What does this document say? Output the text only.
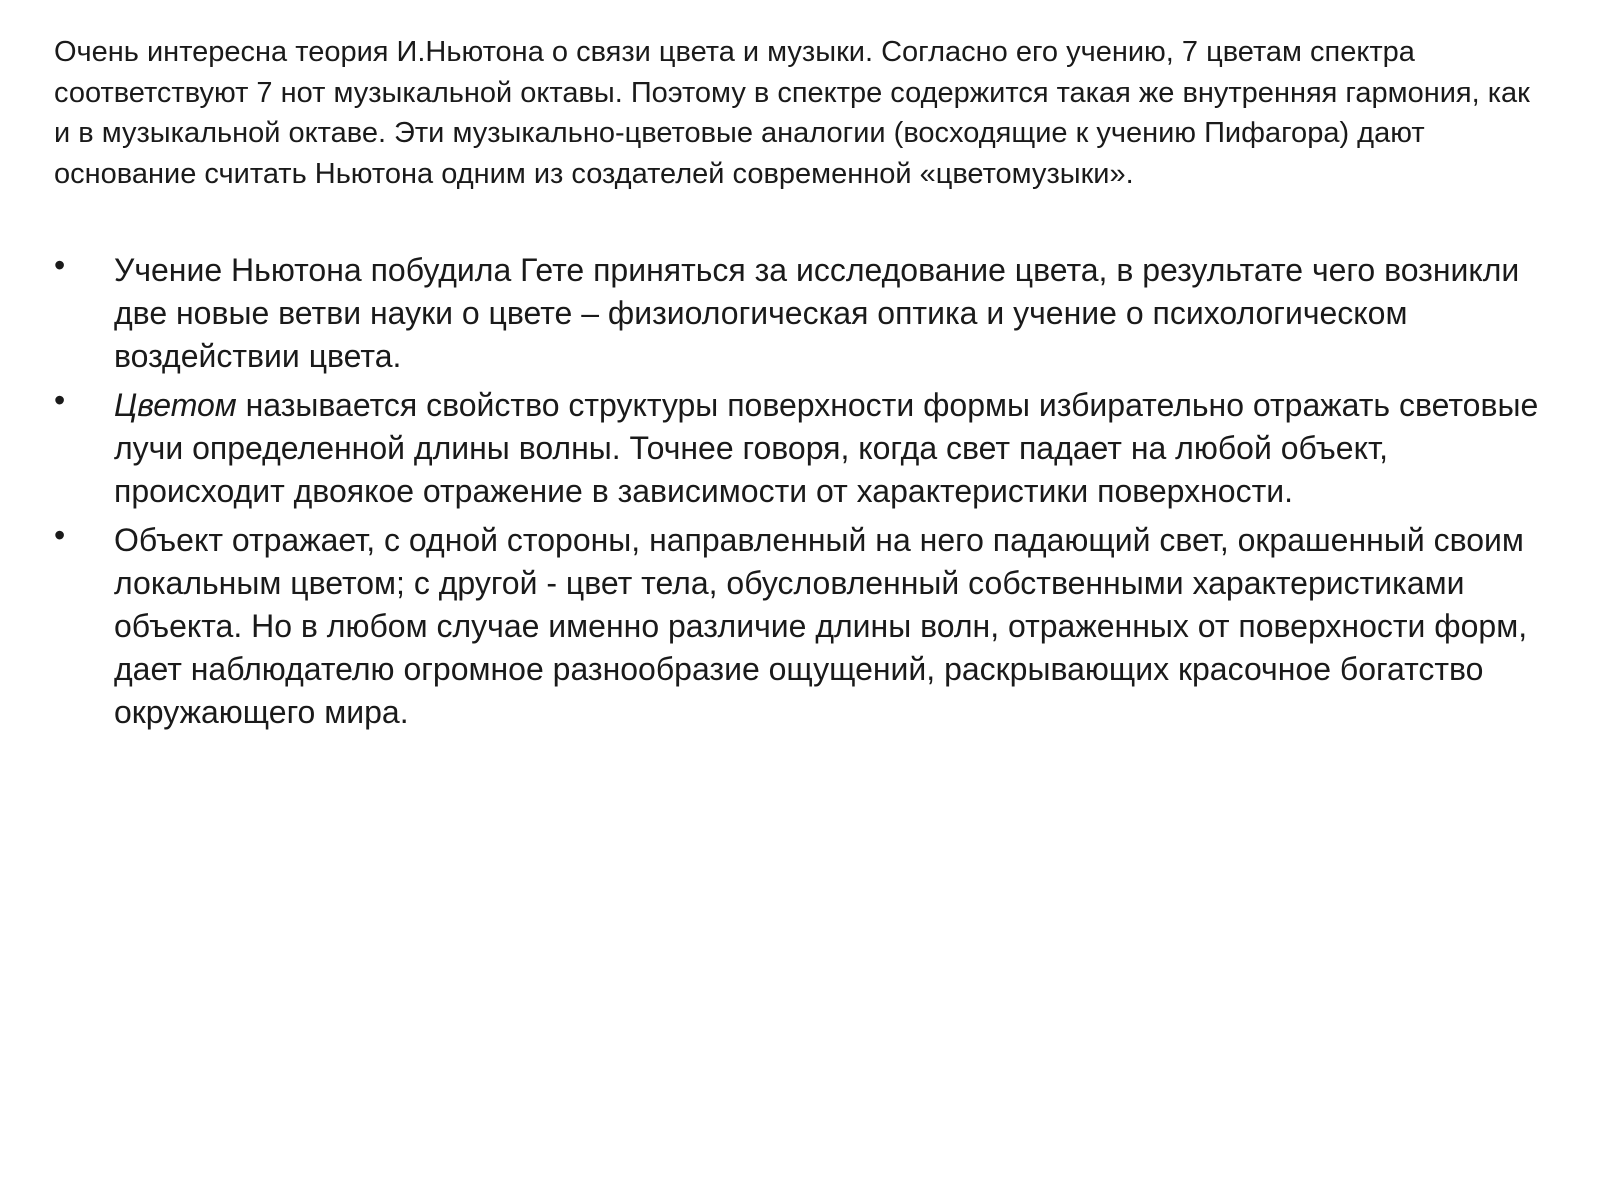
Очень интересна теория И.Ньютона о связи цвета и музыки. Согласно его учению, 7 цветам спектра соответствуют 7 нот музыкальной октавы. Поэтому в спектре содержится такая же внутренняя гармония, как и в музыкальной октаве. Эти музыкально-цветовые аналогии (восходящие к учению Пифагора) дают основание считать Ньютона одним из создателей современной «цветомузыки».

• Учение Ньютона побудила Гете приняться за исследование цвета, в результате чего возникли две новые ветви науки о цвете – физиологическая оптика и учение о психологическом воздействии цвета.
• Цветом называется свойство структуры поверхности формы избирательно отражать световые лучи определенной длины волны. Точнее говоря, когда свет падает на любой объект, происходит двоякое отражение в зависимости от характеристики поверхности.
• Объект отражает, с одной стороны, направленный на него падающий свет, окрашенный своим локальным цветом; с другой - цвет тела, обусловленный собственными характеристиками объекта. Но в любом случае именно различие длины волн, отраженных от поверхности форм, дает наблюдателю огромное разнообразие ощущений, раскрывающих красочное богатство окружающего мира.
